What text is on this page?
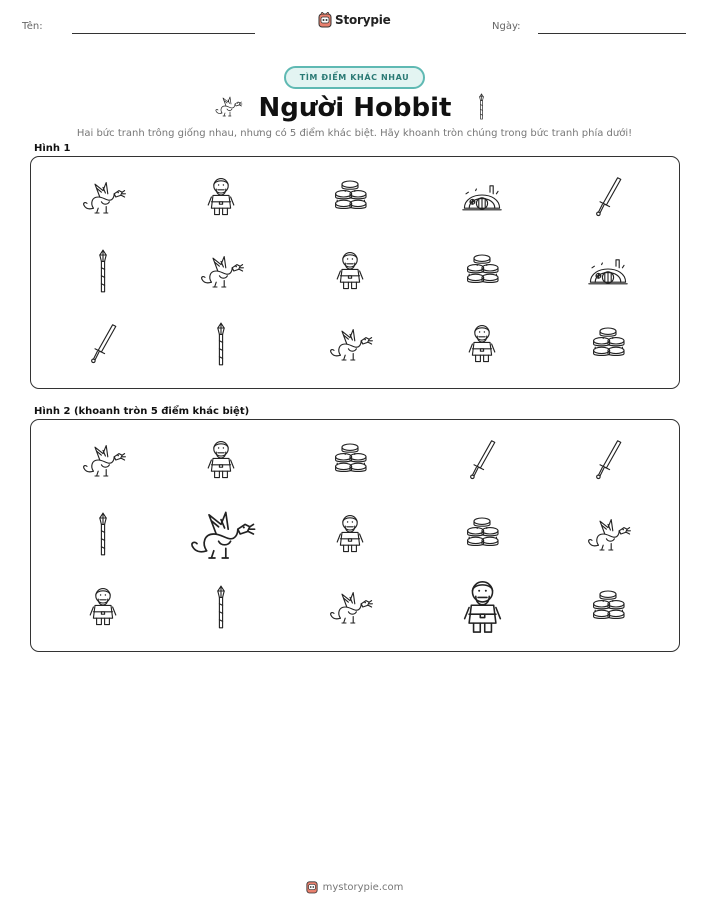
Tên:	Storypie	Ngày:
TÌM ĐIỂM KHÁC NHAU
Người Hobbit
Hai bức tranh trông giống nhau, nhưng có 5 điểm khác biệt. Hãy khoanh tròn chúng trong bức tranh phía dưới!
Hình 1
Hình 2 (khoanh tròn 5 điểm khác biệt)
mystorypie.com
